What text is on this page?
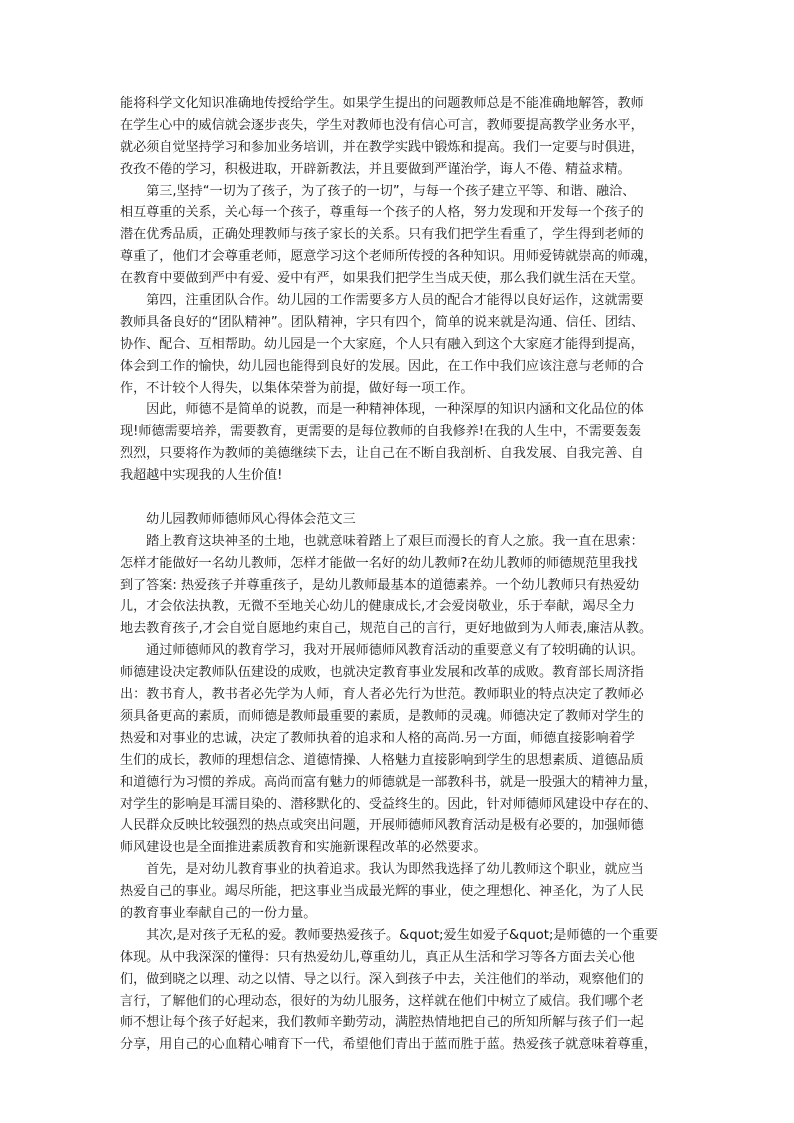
能将科学文化知识准确地传授给学生。如果学生提出的问题教师总是不能准确地解答，教师
在学生心中的威信就会逐步丧失，学生对教师也没有信心可言，教师要提高教学业务水平，
就必须自觉坚持学习和参加业务培训，并在教学实践中锻炼和提高。我们一定要与时俱进，
孜孜不倦的学习，积极进取，开辟新教法，并且要做到严谨治学，诲人不倦、精益求精。
　　第三,坚持“一切为了孩子，为了孩子的一切”，与每一个孩子建立平等、和谐、融洽、
相互尊重的关系，关心每一个孩子，尊重每一个孩子的人格，努力发现和开发每一个孩子的
潜在优秀品质，正确处理教师与孩子家长的关系。只有我们把学生看重了，学生得到老师的
尊重了，他们才会尊重老师，愿意学习这个老师所传授的各种知识。用师爱铸就崇高的师魂，
在教育中要做到严中有爱、爱中有严，如果我们把学生当成天使，那么我们就生活在天堂。
　　第四，注重团队合作。幼儿园的工作需要多方人员的配合才能得以良好运作，这就需要
教师具备良好的“团队精神”。团队精神，字只有四个，简单的说来就是沟通、信任、团结、
协作、配合、互相帮助。幼儿园是一个大家庭，个人只有融入到这个大家庭才能得到提高，
体会到工作的愉快，幼儿园也能得到良好的发展。因此，在工作中我们应该注意与老师的合
作，不计较个人得失，以集体荣誉为前提，做好每一项工作。
　　因此，师德不是简单的说教，而是一种精神体现，一种深厚的知识内涵和文化品位的体
现!师德需要培养，需要教育，更需要的是每位教师的自我修养!在我的人生中，不需要轰轰
烈烈，只要将作为教师的美德继续下去，让自己在不断自我剖析、自我发展、自我完善、自
我超越中实现我的人生价值!
　　幼儿园教师师德师风心得体会范文三
　　踏上教育这块神圣的土地，也就意味着踏上了艰巨而漫长的育人之旅。我一直在思索：
怎样才能做好一名幼儿教师，怎样才能做一名好的幼儿教师?在幼儿教师的师德规范里我找
到了答案: 热爱孩子并尊重孩子，是幼儿教师最基本的道德素养。一个幼儿教师只有热爱幼
儿，才会依法执教，无微不至地关心幼儿的健康成长,才会爱岗敬业，乐于奉献，竭尽全力
地去教育孩子,才会自觉自愿地约束自己，规范自己的言行，更好地做到为人师表,廉洁从教。
　　通过师德师风的教育学习，我对开展师德师风教育活动的重要意义有了较明确的认识。
师德建设决定教师队伍建设的成败，也就决定教育事业发展和改革的成败。教育部长周济指
出：教书育人，教书者必先学为人师，育人者必先行为世范。教师职业的特点决定了教师必
须具备更高的素质，而师德是教师最重要的素质，是教师的灵魂。师德决定了教师对学生的
热爱和对事业的忠诚，决定了教师执着的追求和人格的高尚.另一方面，师德直接影响着学
生们的成长，教师的理想信念、道德情操、人格魅力直接影响到学生的思想素质、道德品质
和道德行为习惯的养成。高尚而富有魅力的师德就是一部教科书，就是一股强大的精神力量，
对学生的影响是耳濡目染的、潜移默化的、受益终生的。因此，针对师德师风建设中存在的、
人民群众反映比较强烈的热点或突出问题，开展师德师风教育活动是极有必要的，加强师德
师风建设也是全面推进素质教育和实施新课程改革的必然要求。
　　首先，是对幼儿教育事业的执着追求。我认为即然我选择了幼儿教师这个职业，就应当
热爱自己的事业。竭尽所能，把这事业当成最光辉的事业，使之理想化、神圣化，为了人民
的教育事业奉献自己的一份力量。
　　其次,是对孩子无私的爱。教师要热爱孩子。&quot;爱生如爱子&quot;是师德的一个重要
体现。从中我深深的懂得：只有热爱幼儿,尊重幼儿，真正从生活和学习等各方面去关心他
们，做到晓之以理、动之以情、导之以行。深入到孩子中去，关注他们的举动，观察他们的
言行，了解他们的心理动态，很好的为幼儿服务，这样就在他们中树立了威信。我们哪个老
师不想让每个孩子好起来，我们教师辛勤劳动，满腔热情地把自己的所知所解与孩子们一起
分享，用自己的心血精心哺育下一代，希望他们青出于蓝而胜于蓝。热爱孩子就意味着尊重，
